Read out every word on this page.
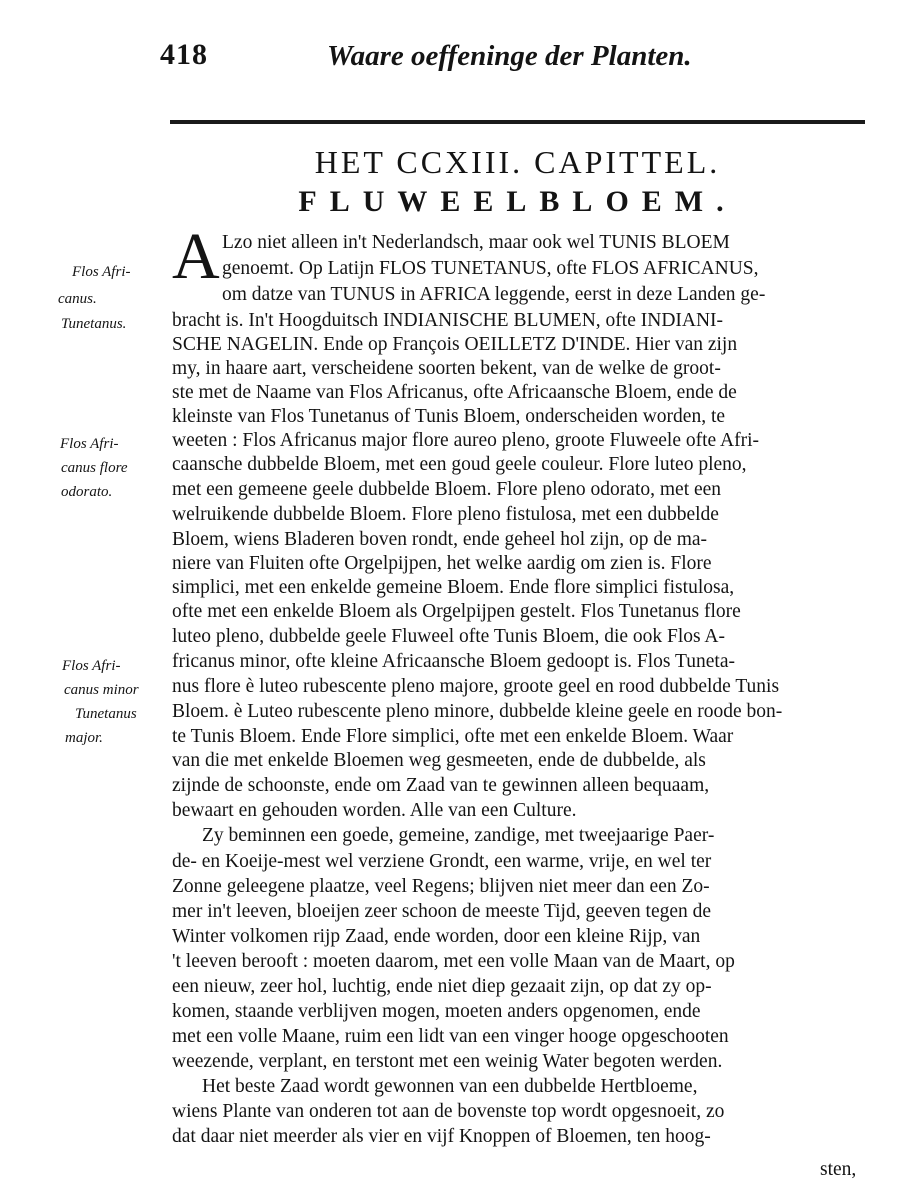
418	Waare oeffeninge der Planten.
HET CCXIII. CAPITTEL.
FLUWEELBLOEM.
A
Flos Afri-
canus.
Tunetanus.
Flos Afri-
canus flore
odorato.
Flos Afri-
canus minor
Tunetanus
major.
Lzo niet alleen in't Nederlandsch, maar ook wel TUNIS BLOEM
genoemt. Op Latijn FLOS TUNETANUS, ofte FLOS AFRICANUS,
om datze van TUNUS in AFRICA leggende, eerst in deze Landen ge-
bracht is. In't Hoogduitsch INDIANISCHE BLUMEN, ofte INDIANI-
SCHE NAGELIN. Ende op François OEILLETZ D'INDE. Hier van zijn
my, in haare aart, verscheidene soorten bekent, van de welke de groot-
ste met de Naame van Flos Africanus, ofte Africaansche Bloem, ende de
kleinste van Flos Tunetanus of Tunis Bloem, onderscheiden worden, te
weeten : Flos Africanus major flore aureo pleno, groote Fluweele ofte Afri-
caansche dubbelde Bloem, met een goud geele couleur. Flore luteo pleno,
met een gemeene geele dubbelde Bloem. Flore pleno odorato, met een
welruikende dubbelde Bloem. Flore pleno fistulosa, met een dubbelde
Bloem, wiens Bladeren boven rondt, ende geheel hol zijn, op de ma-
niere van Fluiten ofte Orgelpijpen, het welke aardig om zien is. Flore
simplici, met een enkelde gemeine Bloem. Ende flore simplici fistulosa,
ofte met een enkelde Bloem als Orgelpijpen gestelt. Flos Tunetanus flore
luteo pleno, dubbelde geele Fluweel ofte Tunis Bloem, die ook Flos A-
fricanus minor, ofte kleine Africaansche Bloem gedoopt is. Flos Tuneta-
nus flore è luteo rubescente pleno majore, groote geel en rood dubbelde Tunis
Bloem. è Luteo rubescente pleno minore, dubbelde kleine geele en roode bon-
te Tunis Bloem. Ende Flore simplici, ofte met een enkelde Bloem. Waar
van die met enkelde Bloemen weg gesmeeten, ende de dubbelde, als
zijnde de schoonste, ende om Zaad van te gewinnen alleen bequaam,
bewaart en gehouden worden. Alle van een Culture.
Zy beminnen een goede, gemeine, zandige, met tweejaarige Paer-
de- en Koeije-mest wel verziene Grondt, een warme, vrije, en wel ter
Zonne geleegene plaatze, veel Regens; blijven niet meer dan een Zo-
mer in't leeven, bloeijen zeer schoon de meeste Tijd, geeven tegen de
Winter volkomen rijp Zaad, ende worden, door een kleine Rijp, van
't leeven berooft : moeten daarom, met een volle Maan van de Maart, op
een nieuw, zeer hol, luchtig, ende niet diep gezaait zijn, op dat zy op-
komen, staande verblijven mogen, moeten anders opgenomen, ende
met een volle Maane, ruim een lidt van een vinger hooge opgeschooten
weezende, verplant, en terstont met een weinig Water begoten werden.
Het beste Zaad wordt gewonnen van een dubbelde Hertbloeme,
wiens Plante van onderen tot aan de bovenste top wordt opgesnoeit, zo
dat daar niet meerder als vier en vijf Knoppen of Bloemen, ten hoog-
sten,
